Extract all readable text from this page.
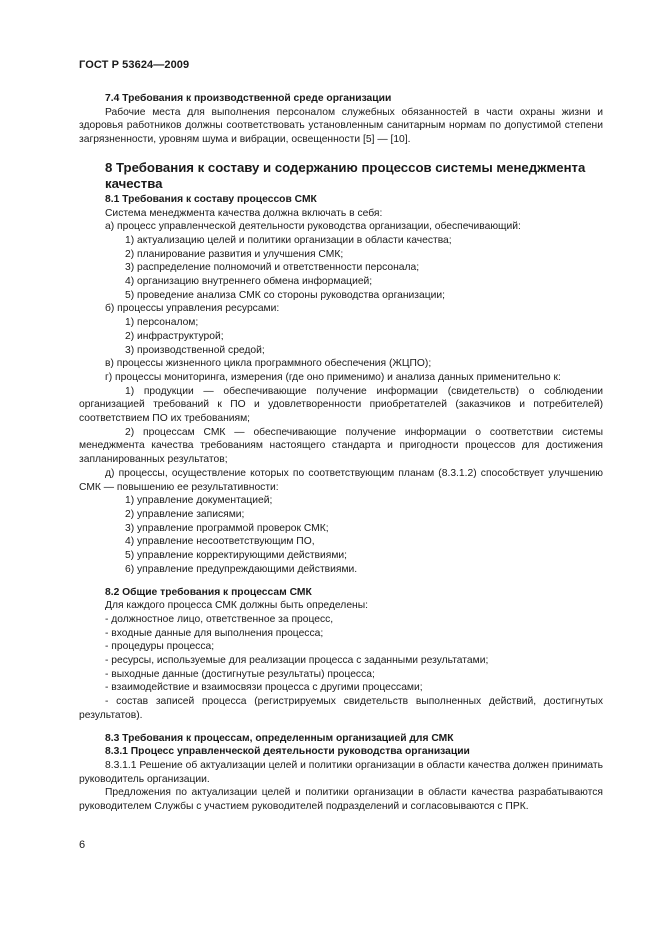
ГОСТ Р 53624—2009

7.4 Требования к производственной среде организации

Рабочие места для выполнения персоналом служебных обязанностей в части охраны жизни и здоровья работников должны соответствовать установленным санитарным нормам по допустимой степени загрязненности, уровням шума и вибрации, освещенности [5] — [10].

8 Требования к составу и содержанию процессов системы менеджмента качества

8.1 Требования к составу процессов СМК

Система менеджмента качества должна включать в себя:

а) процесс управленческой деятельности руководства организации, обеспечивающий:

1) актуализацию целей и политики организации в области качества;

2) планирование развития и улучшения СМК;

3) распределение полномочий и ответственности персонала;

4) организацию внутреннего обмена информацией;

5) проведение анализа СМК со стороны руководства организации;

б) процессы управления ресурсами:

1) персоналом;

2) инфраструктурой;

3) производственной средой;

в) процессы жизненного цикла программного обеспечения (ЖЦПО);

г) процессы мониторинга, измерения (где оно применимо) и анализа данных применительно к:

1) продукции — обеспечивающие получение информации (свидетельств) о соблюдении организацией требований к ПО и удовлетворенности приобретателей (заказчиков и потребителей) соответствием ПО их требованиям;

2) процессам СМК — обеспечивающие получение информации о соответствии системы менеджмента качества требованиям настоящего стандарта и пригодности процессов для достижения запланированных результатов;

д) процессы, осуществление которых по соответствующим планам (8.3.1.2) способствует улучшению СМК — повышению ее результативности:

1) управление документацией;

2) управление записями;

3) управление программой проверок СМК;

4) управление несоответствующим ПО,

5) управление корректирующими действиями;

6) управление предупреждающими действиями.

8.2 Общие требования к процессам СМК

Для каждого процесса СМК должны быть определены:

- должностное лицо, ответственное за процесс,

- входные данные для выполнения процесса;

- процедуры процесса;

- ресурсы, используемые для реализации процесса с заданными результатами;

- выходные данные (достигнутые результаты) процесса;

- взаимодействие и взаимосвязи процесса с другими процессами;

- состав записей процесса (регистрируемых свидетельств выполненных действий, достигнутых результатов).

8.3 Требования к процессам, определенным организацией для СМК

8.3.1 Процесс управленческой деятельности руководства организации

8.3.1.1 Решение об актуализации целей и политики организации в области качества должен принимать руководитель организации.

Предложения по актуализации целей и политики организации в области качества разрабатываются руководителем Службы с участием руководителей подразделений и согласовываются с ПРК.

6
